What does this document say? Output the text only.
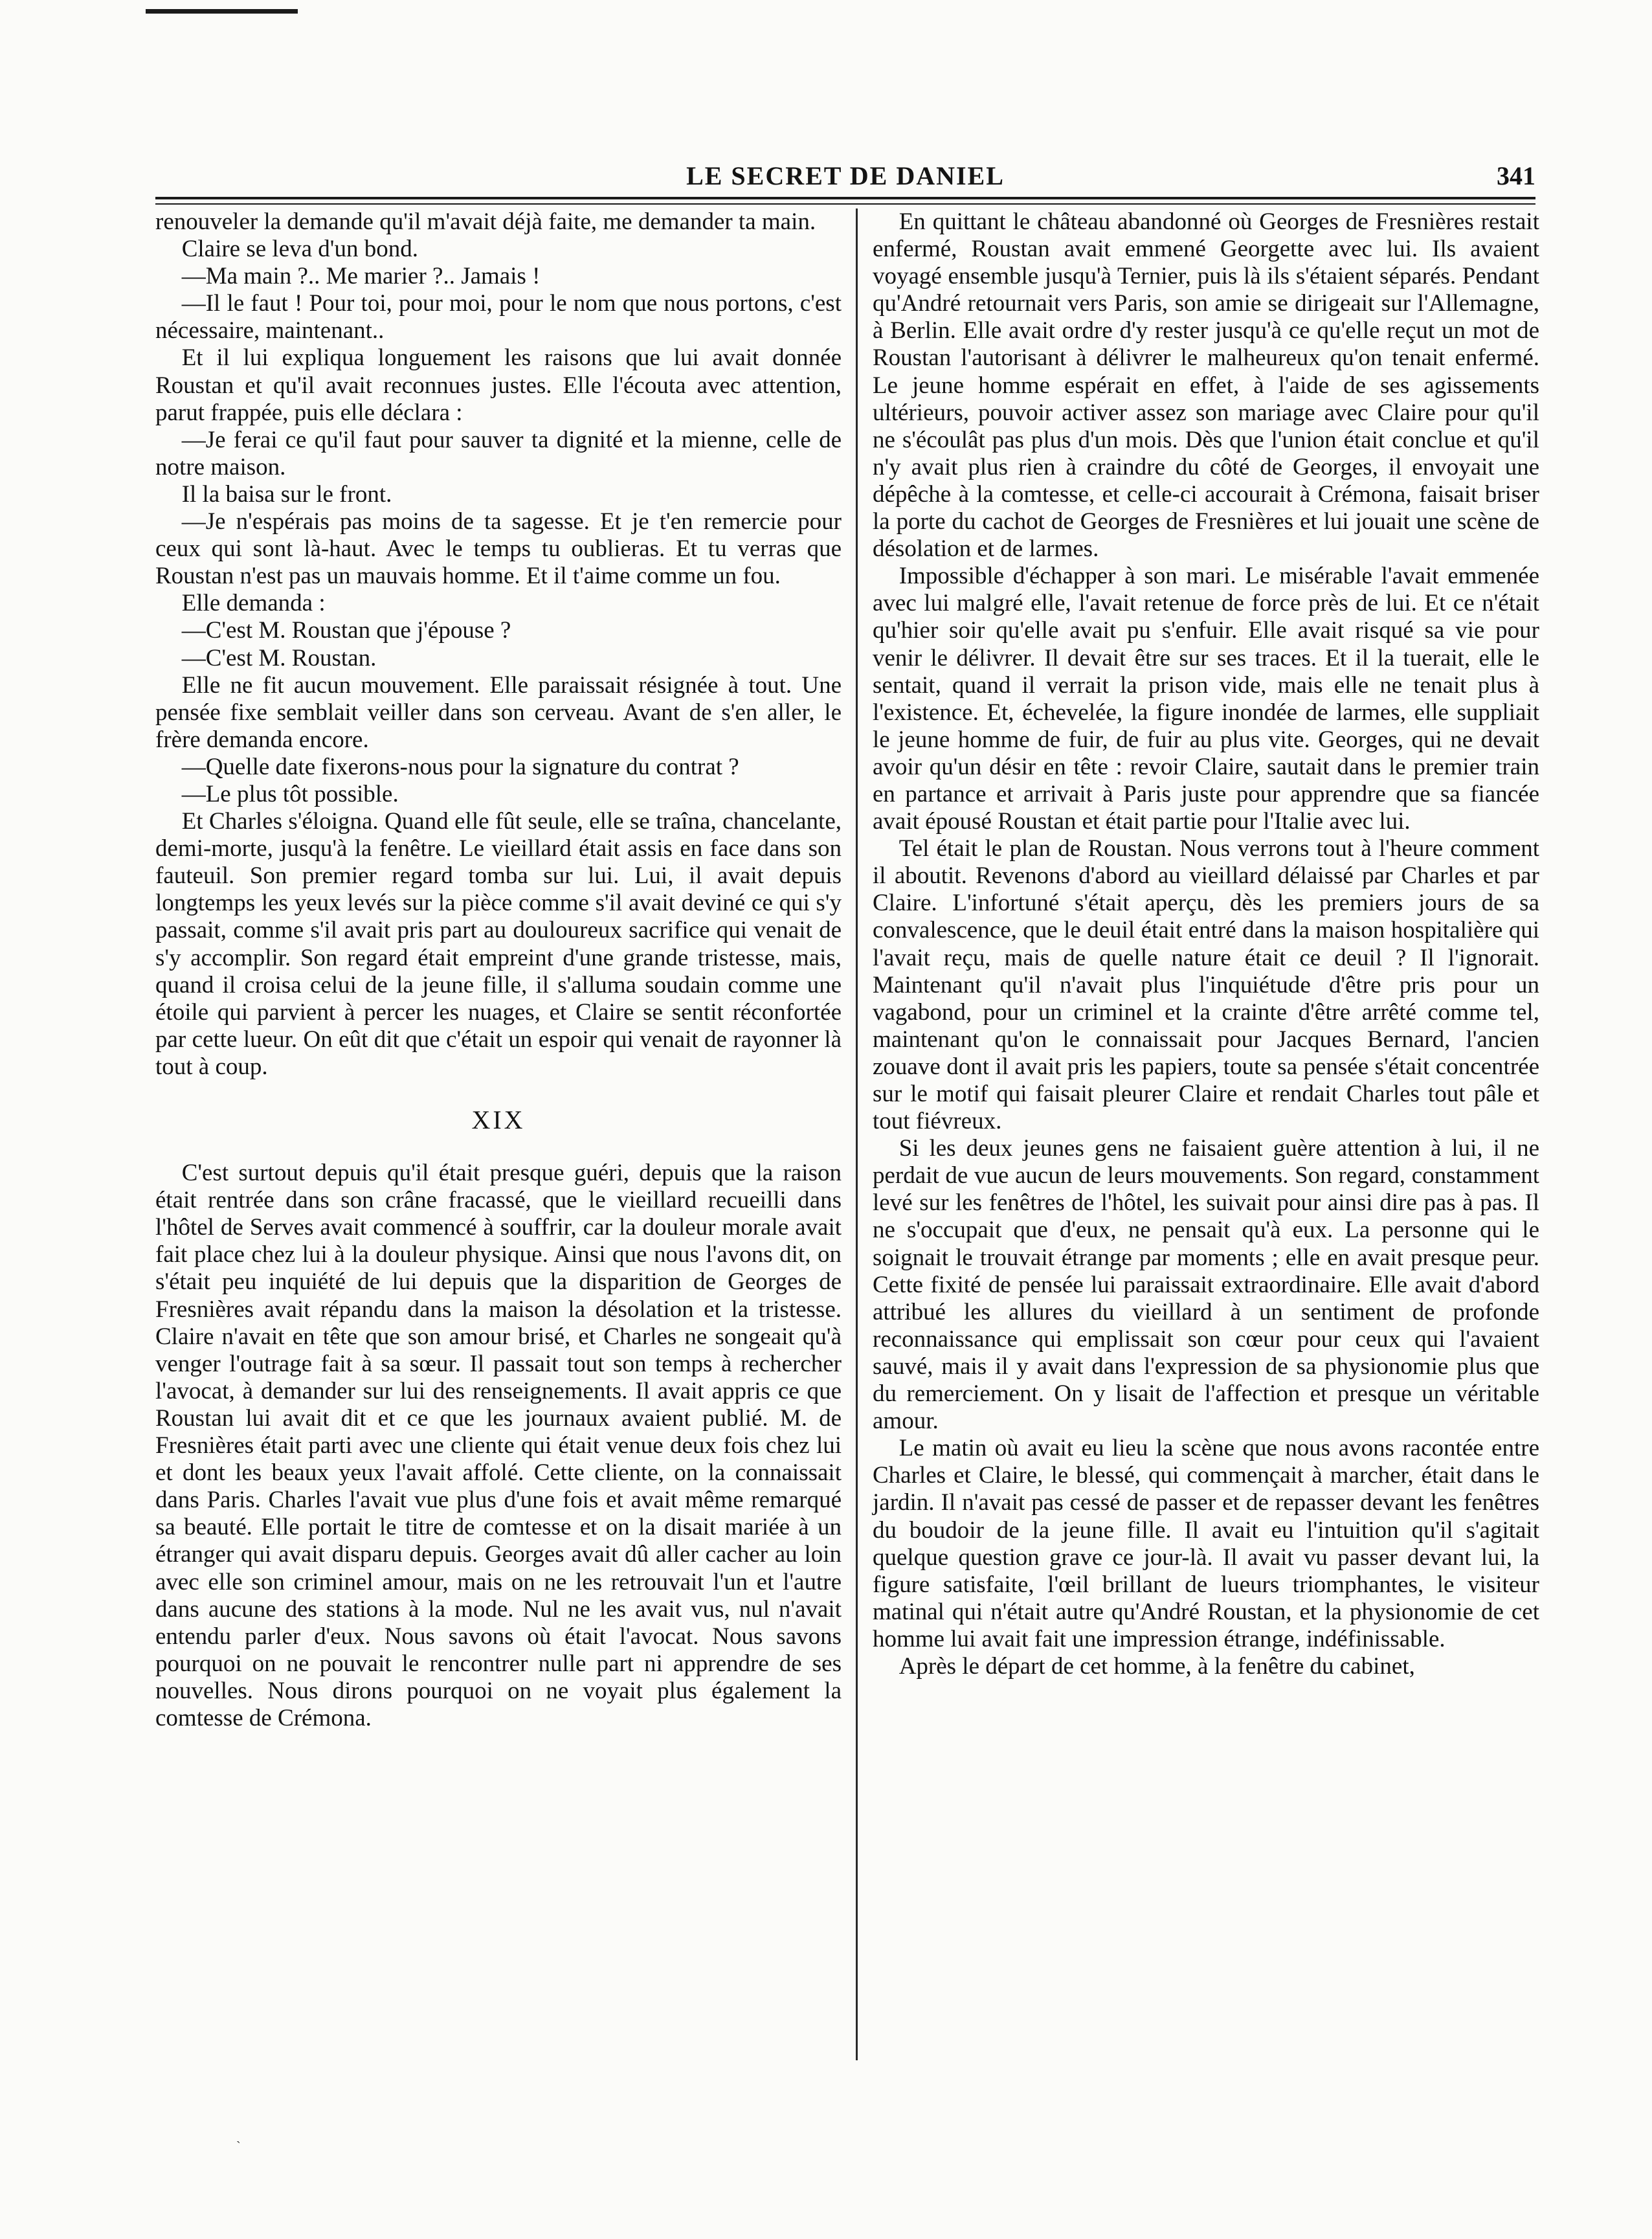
LE SECRET DE DANIEL	341

renouveler la demande qu'il m'avait déjà faite, me demander ta main.

Claire se leva d'un bond.

—Ma main ?.. Me marier ?.. Jamais !

—Il le faut ! Pour toi, pour moi, pour le nom que nous portons, c'est nécessaire, maintenant..

Et il lui expliqua longuement les raisons que lui avait donnée Roustan et qu'il avait reconnues justes. Elle l'écouta avec attention, parut frappée, puis elle déclara :

—Je ferai ce qu'il faut pour sauver ta dignité et la mienne, celle de notre maison.

Il la baisa sur le front.

—Je n'espérais pas moins de ta sagesse. Et je t'en remercie pour ceux qui sont là-haut. Avec le temps tu oublieras. Et tu verras que Roustan n'est pas un mauvais homme. Et il t'aime comme un fou.

Elle demanda :

—C'est M. Roustan que j'épouse ?

—C'est M. Roustan.

Elle ne fit aucun mouvement. Elle paraissait résignée à tout. Une pensée fixe semblait veiller dans son cerveau. Avant de s'en aller, le frère demanda encore.

—Quelle date fixerons-nous pour la signature du contrat ?

—Le plus tôt possible.

Et Charles s'éloigna. Quand elle fût seule, elle se traîna, chancelante, demi-morte, jusqu'à la fenêtre. Le vieillard était assis en face dans son fauteuil. Son premier regard tomba sur lui. Lui, il avait depuis longtemps les yeux levés sur la pièce comme s'il avait deviné ce qui s'y passait, comme s'il avait pris part au douloureux sacrifice qui venait de s'y accomplir. Son regard était empreint d'une grande tristesse, mais, quand il croisa celui de la jeune fille, il s'alluma soudain comme une étoile qui parvient à percer les nuages, et Claire se sentit réconfortée par cette lueur. On eût dit que c'était un espoir qui venait de rayonner là tout à coup.

XIX

C'est surtout depuis qu'il était presque guéri, depuis que la raison était rentrée dans son crâne fracassé, que le vieillard recueilli dans l'hôtel de Serves avait commencé à souffrir, car la douleur morale avait fait place chez lui à la douleur physique. Ainsi que nous l'avons dit, on s'était peu inquiété de lui depuis que la disparition de Georges de Fresnières avait répandu dans la maison la désolation et la tristesse. Claire n'avait en tête que son amour brisé, et Charles ne songeait qu'à venger l'outrage fait à sa sœur. Il passait tout son temps à rechercher l'avocat, à demander sur lui des renseignements. Il avait appris ce que Roustan lui avait dit et ce que les journaux avaient publié. M. de Fresnières était parti avec une cliente qui était venue deux fois chez lui et dont les beaux yeux l'avait affolé. Cette cliente, on la connaissait dans Paris. Charles l'avait vue plus d'une fois et avait même remarqué sa beauté. Elle portait le titre de comtesse et on la disait mariée à un étranger qui avait disparu depuis. Georges avait dû aller cacher au loin avec elle son criminel amour, mais on ne les retrouvait l'un et l'autre dans aucune des stations à la mode. Nul ne les avait vus, nul n'avait entendu parler d'eux. Nous savons où était l'avocat. Nous savons pourquoi on ne pouvait le rencontrer nulle part ni apprendre de ses nouvelles. Nous dirons pourquoi on ne voyait plus également la comtesse de Crémona.

En quittant le château abandonné où Georges de Fresnières restait enfermé, Roustan avait emmené Georgette avec lui. Ils avaient voyagé ensemble jusqu'à Ternier, puis là ils s'étaient séparés. Pendant qu'André retournait vers Paris, son amie se dirigeait sur l'Allemagne, à Berlin. Elle avait ordre d'y rester jusqu'à ce qu'elle reçut un mot de Roustan l'autorisant à délivrer le malheureux qu'on tenait enfermé. Le jeune homme espérait en effet, à l'aide de ses agissements ultérieurs, pouvoir activer assez son mariage avec Claire pour qu'il ne s'écoulât pas plus d'un mois. Dès que l'union était conclue et qu'il n'y avait plus rien à craindre du côté de Georges, il envoyait une dépêche à la comtesse, et celle-ci accourait à Crémona, faisait briser la porte du cachot de Georges de Fresnières et lui jouait une scène de désolation et de larmes.

Impossible d'échapper à son mari. Le misérable l'avait emmenée avec lui malgré elle, l'avait retenue de force près de lui. Et ce n'était qu'hier soir qu'elle avait pu s'enfuir. Elle avait risqué sa vie pour venir le délivrer. Il devait être sur ses traces. Et il la tuerait, elle le sentait, quand il verrait la prison vide, mais elle ne tenait plus à l'existence. Et, échevelée, la figure inondée de larmes, elle suppliait le jeune homme de fuir, de fuir au plus vite. Georges, qui ne devait avoir qu'un désir en tête : revoir Claire, sautait dans le premier train en partance et arrivait à Paris juste pour apprendre que sa fiancée avait épousé Roustan et était partie pour l'Italie avec lui.

Tel était le plan de Roustan. Nous verrons tout à l'heure comment il aboutit. Revenons d'abord au vieillard délaissé par Charles et par Claire. L'infortuné s'était aperçu, dès les premiers jours de sa convalescence, que le deuil était entré dans la maison hospitalière qui l'avait reçu, mais de quelle nature était ce deuil ? Il l'ignorait. Maintenant qu'il n'avait plus l'inquiétude d'être pris pour un vagabond, pour un criminel et la crainte d'être arrêté comme tel, maintenant qu'on le connaissait pour Jacques Bernard, l'ancien zouave dont il avait pris les papiers, toute sa pensée s'était concentrée sur le motif qui faisait pleurer Claire et rendait Charles tout pâle et tout fiévreux.

Si les deux jeunes gens ne faisaient guère attention à lui, il ne perdait de vue aucun de leurs mouvements. Son regard, constamment levé sur les fenêtres de l'hôtel, les suivait pour ainsi dire pas à pas. Il ne s'occupait que d'eux, ne pensait qu'à eux. La personne qui le soignait le trouvait étrange par moments ; elle en avait presque peur. Cette fixité de pensée lui paraissait extraordinaire. Elle avait d'abord attribué les allures du vieillard à un sentiment de profonde reconnaissance qui emplissait son cœur pour ceux qui l'avaient sauvé, mais il y avait dans l'expression de sa physionomie plus que du remerciement. On y lisait de l'affection et presque un véritable amour.

Le matin où avait eu lieu la scène que nous avons racontée entre Charles et Claire, le blessé, qui commençait à marcher, était dans le jardin. Il n'avait pas cessé de passer et de repasser devant les fenêtres du boudoir de la jeune fille. Il avait eu l'intuition qu'il s'agitait quelque question grave ce jour-là. Il avait vu passer devant lui, la figure satisfaite, l'œil brillant de lueurs triomphantes, le visiteur matinal qui n'était autre qu'André Roustan, et la physionomie de cet homme lui avait fait une impression étrange, indéfinissable.

Après le départ de cet homme, à la fenêtre du cabinet,

ˋ
